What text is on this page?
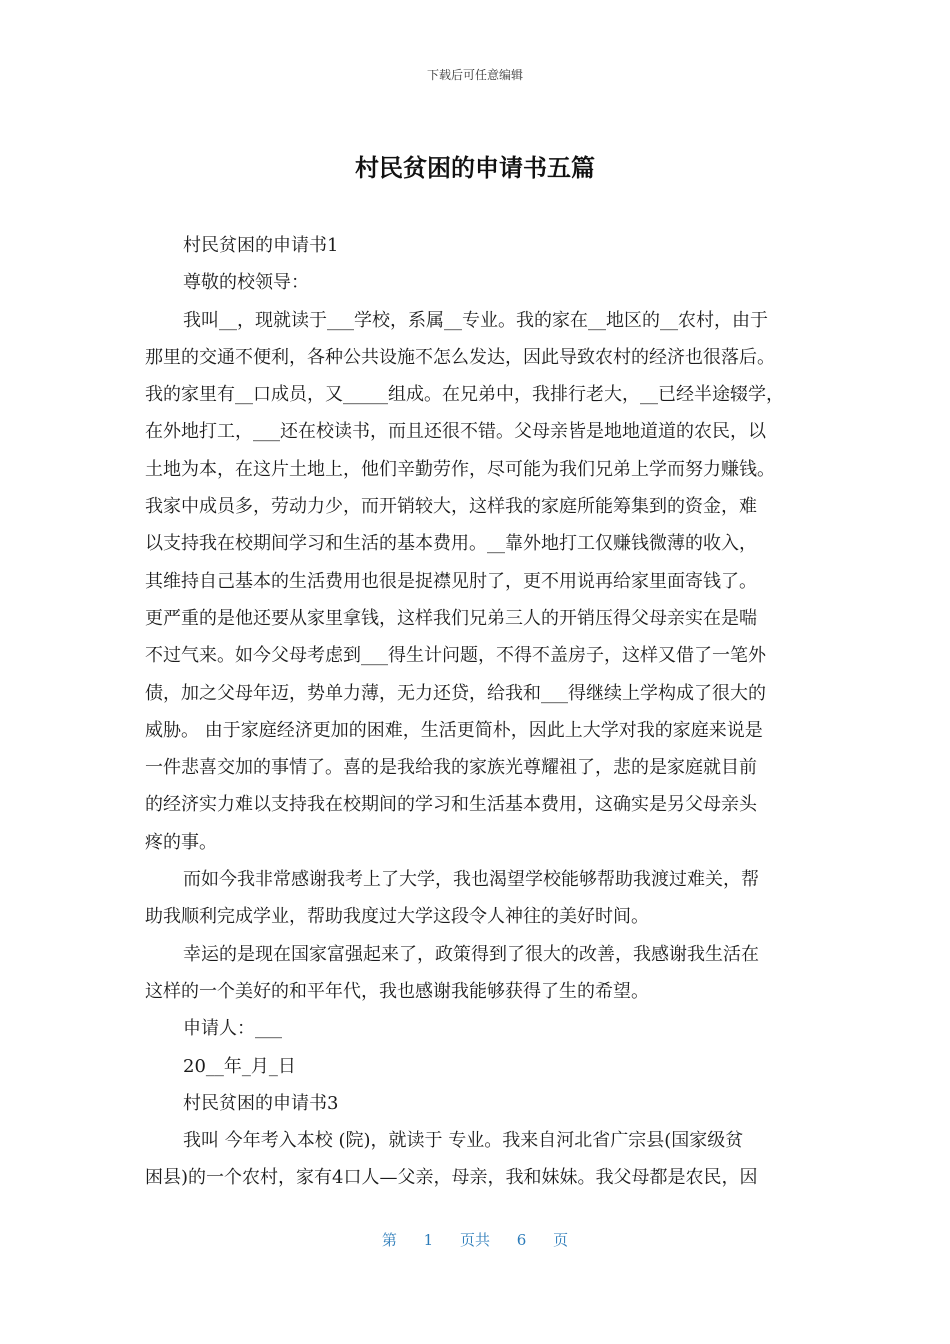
下载后可任意编辑
村民贫困的申请书五篇

村民贫困的申请书1

尊敬的校领导：

我叫__，现就读于___学校，系属__专业。我的家在__地区的__农村，由于

那里的交通不便利，各种公共设施不怎么发达，因此导致农村的经济也很落后。

我的家里有__口成员，又_____组成。在兄弟中，我排行老大，__已经半途辍学，

在外地打工，___还在校读书，而且还很不错。父母亲皆是地地道道的农民，以

土地为本，在这片土地上，他们辛勤劳作，尽可能为我们兄弟上学而努力赚钱。

我家中成员多，劳动力少，而开销较大，这样我的家庭所能筹集到的资金，难

以支持我在校期间学习和生活的基本费用。__靠外地打工仅赚钱微薄的收入，

其维持自己基本的生活费用也很是捉襟见肘了，更不用说再给家里面寄钱了。

更严重的是他还要从家里拿钱，这样我们兄弟三人的开销压得父母亲实在是喘

不过气来。如今父母考虑到___得生计问题，不得不盖房子，这样又借了一笔外

债，加之父母年迈，势单力薄，无力还贷，给我和___得继续上学构成了很大的

威胁。 由于家庭经济更加的困难，生活更简朴，因此上大学对我的家庭来说是

一件悲喜交加的事情了。喜的是我给我的家族光尊耀祖了，悲的是家庭就目前

的经济实力难以支持我在校期间的学习和生活基本费用，这确实是另父母亲头

疼的事。

而如今我非常感谢我考上了大学，我也渴望学校能够帮助我渡过难关，帮

助我顺利完成学业，帮助我度过大学这段令人神往的美好时间。

幸运的是现在国家富强起来了，政策得到了很大的改善，我感谢我生活在

这样的一个美好的和平年代，我也感谢我能够获得了生的希望。

申请人：___

20__年_月_日

村民贫困的申请书3

我叫 今年考入本校 (院)，就读于 专业。我来自河北省广宗县(国家级贫

困县)的一个农村，家有4口人—父亲，母亲，我和妹妹。我父母都是农民，因

第 1 页共 6 页
